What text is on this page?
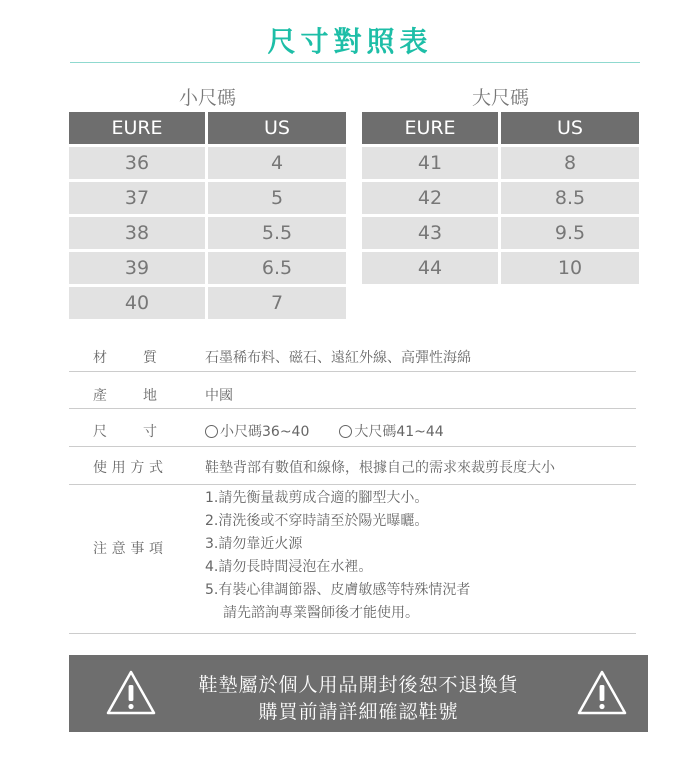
尺寸對照表
小尺碼	大尺碼
EURE	US
36	4
37	5
38	5.5
39	6.5
40	7
EURE	US
41	8
42	8.5
43	9.5
44	10
材質	石墨稀布料、磁石、遠紅外線、高彈性海綿
產地	中國
尺寸	小尺碼36~40	大尺碼41~44
使用方式	鞋墊背部有數值和線條，根據自己的需求來裁剪長度大小
注意事項
1.請先衡量裁剪成合適的腳型大小。
2.清洗後或不穿時請至於陽光曝曬。
3.請勿靠近火源
4.請勿長時間浸泡在水裡。
5.有裝心律調節器、皮膚敏感等特殊情況者
請先諮詢專業醫師後才能使用。
鞋墊屬於個人用品開封後恕不退換貨
購買前請詳細確認鞋號
